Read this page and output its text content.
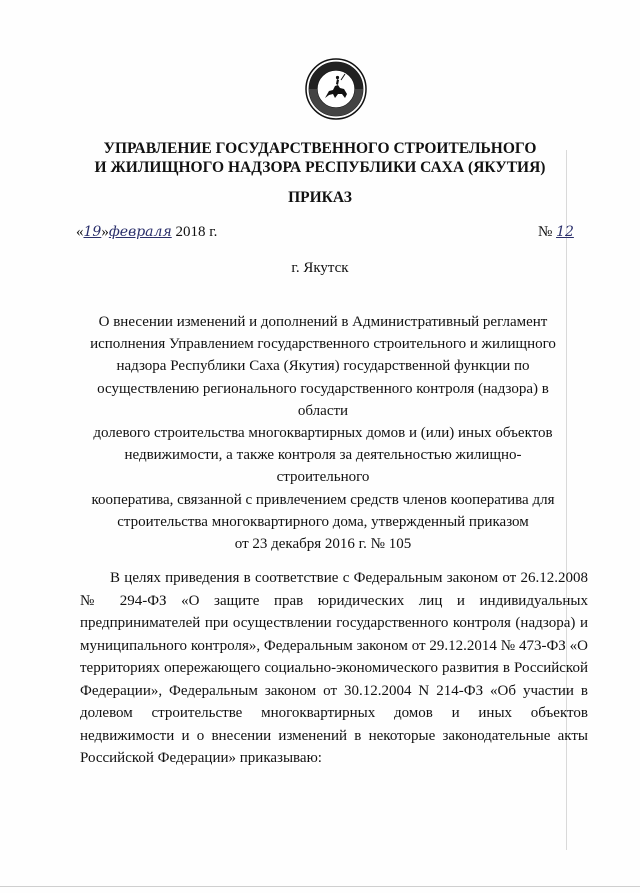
УПРАВЛЕНИЕ ГОСУДАРСТВЕННОГО СТРОИТЕЛЬНОГО
И ЖИЛИЩНОГО НАДЗОРА РЕСПУБЛИКИ САХА (ЯКУТИЯ)
ПРИКАЗ
«19»февраля 2018 г.	№ 12
г. Якутск
О внесении изменений и дополнений в Административный регламент
исполнения Управлением государственного строительного и жилищного
надзора Республики Саха (Якутия) государственной функции по
осуществлению регионального государственного контроля (надзора) в области
долевого строительства многоквартирных домов и (или) иных объектов
недвижимости, а также контроля за деятельностью жилищно-строительного
кооператива, связанной с привлечением средств членов кооператива для
строительства многоквартирного дома, утвержденный приказом
от 23 декабря 2016 г. № 105

В целях приведения в соответствие с Федеральным законом от 26.12.2008 № 294-ФЗ «О защите прав юридических лиц и индивидуальных предпринимателей при осуществлении государственного контроля (надзора) и муниципального контроля», Федеральным законом от 29.12.2014 № 473-ФЗ «О территориях опережающего социально-экономического развития в Российской Федерации», Федеральным законом от 30.12.2004 N 214-ФЗ «Об участии в долевом строительстве многоквартирных домов и иных объектов недвижимости и о внесении изменений в некоторые законодательные акты Российской Федерации» приказываю:
